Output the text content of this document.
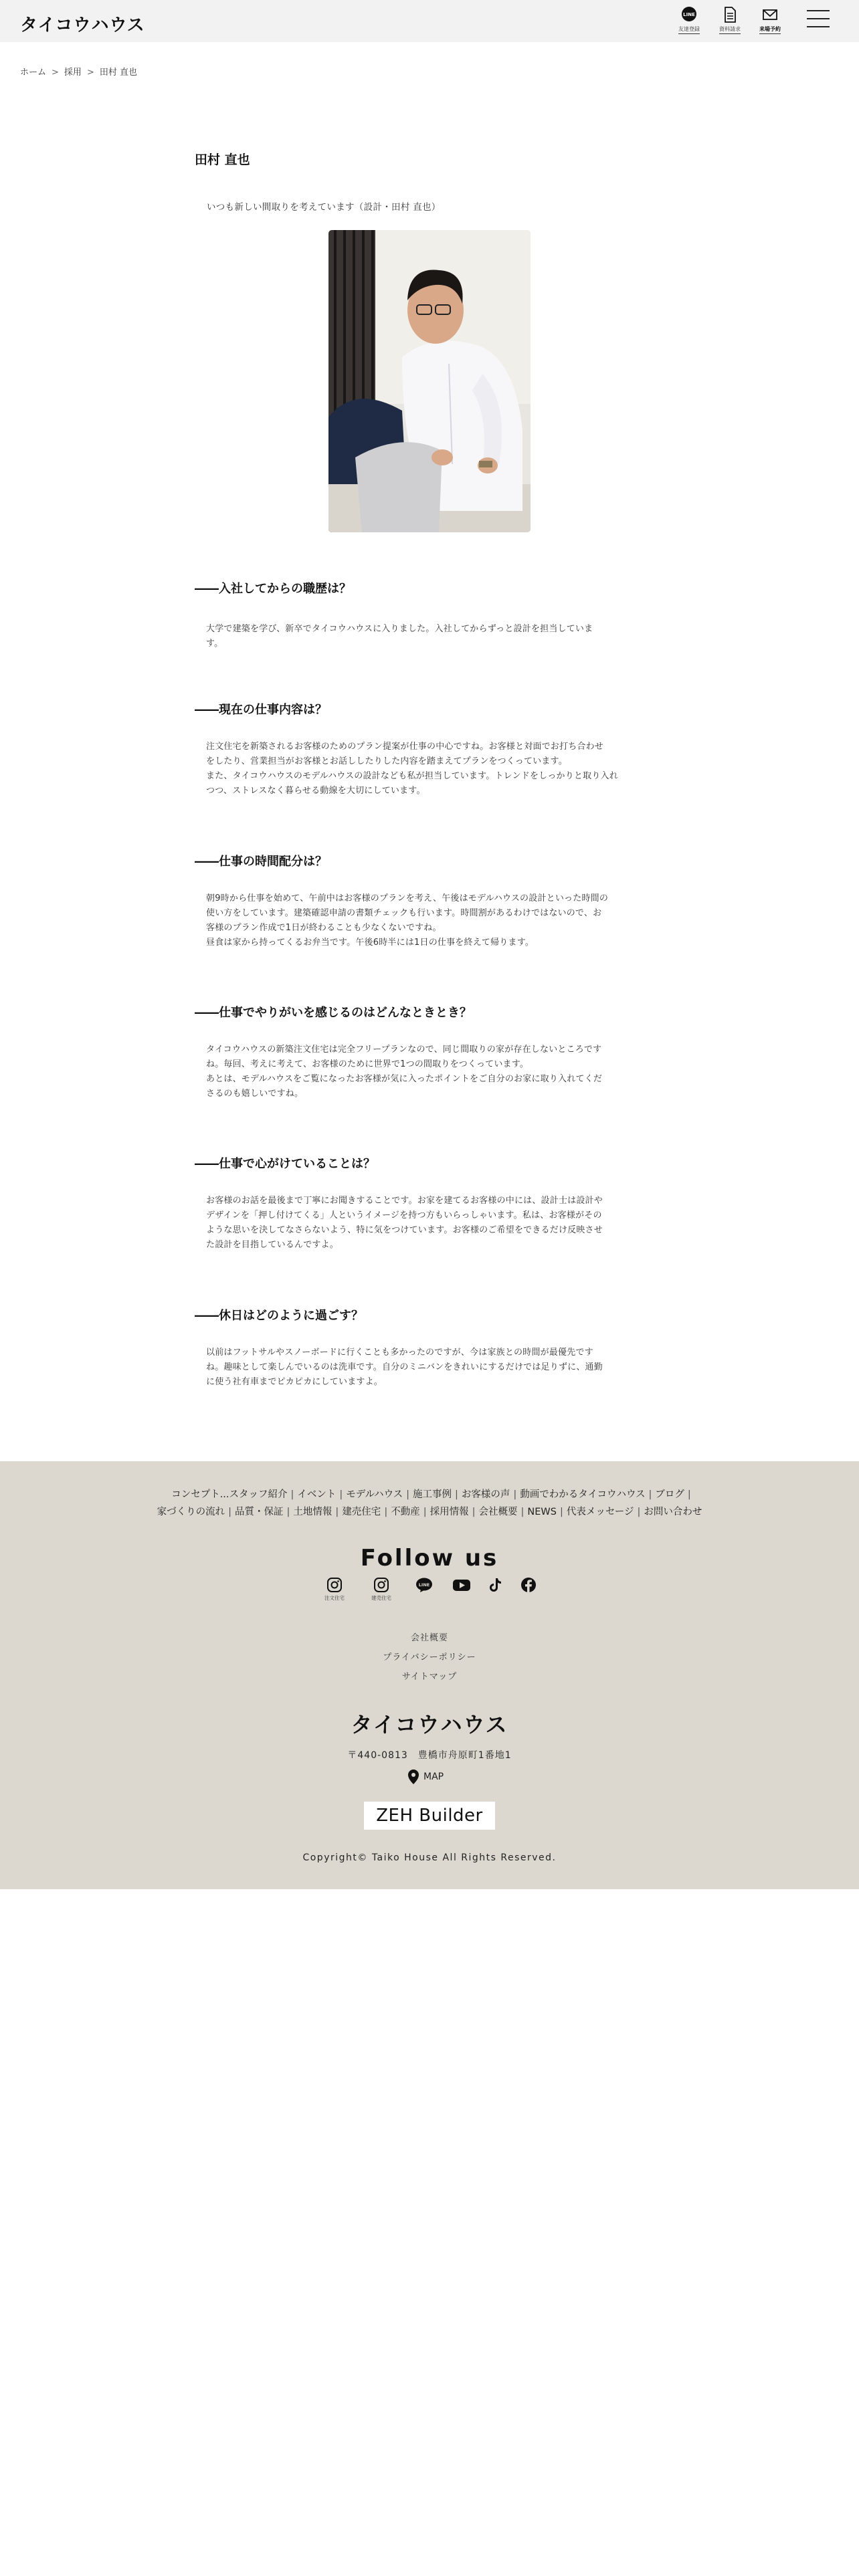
タイコウハウス
LINE
友達登録	資料請求	来場予約
ホーム > 採用 > 田村 直也
田村 直也
いつも新しい間取りを考えています（設計・田村 直也）
――入社してからの職歴は？

大学で建築を学び、新卒でタイコウハウスに入りました。入社してからずっと設計を担当していま

す。

――現在の仕事内容は？

注文住宅を新築されるお客様のためのプラン提案が仕事の中心ですね。お客様と対面でお打ち合わせ

をしたり、営業担当がお客様とお話ししたりした内容を踏まえてプランをつくっています。

また、タイコウハウスのモデルハウスの設計なども私が担当しています。トレンドをしっかりと取り入れ

つつ、ストレスなく暮らせる動線を大切にしています。

――仕事の時間配分は？

朝9時から仕事を始めて、午前中はお客様のプランを考え、午後はモデルハウスの設計といった時間の

使い方をしています。建築確認申請の書類チェックも行います。時間割があるわけではないので、お

客様のプラン作成で1日が終わることも少なくないですね。

昼食は家から持ってくるお弁当です。午後6時半には1日の仕事を終えて帰ります。

――仕事でやりがいを感じるのはどんなときとき？

タイコウハウスの新築注文住宅は完全フリープランなので、同じ間取りの家が存在しないところです

ね。毎回、考えに考えて、お客様のために世界で1つの間取りをつくっています。

あとは、モデルハウスをご覧になったお客様が気に入ったポイントをご自分のお家に取り入れてくだ

さるのも嬉しいですね。

――仕事で心がけていることは？

お客様のお話を最後まで丁寧にお聞きすることです。お家を建てるお客様の中には、設計士は設計や

デザインを「押し付けてくる」人というイメージを持つ方もいらっしゃいます。私は、お客様がその

ような思いを決してなさらないよう、特に気をつけています。お客様のご希望をできるだけ反映させ

た設計を目指しているんですよ。

――休日はどのように過ごす？

以前はフットサルやスノーボードに行くことも多かったのですが、今は家族との時間が最優先です

ね。趣味として楽しんでいるのは洗車です。自分のミニバンをきれいにするだけでは足りずに、通勤

に使う社有車までピカピカにしていますよ。

コンセプト...スタッフ紹介 | イベント | モデルハウス | 施工事例 | お客様の声 | 動画でわかるタイコウハウス | ブログ |
家づくりの流れ | 品質・保証 | 土地情報 | 建売住宅 | 不動産 | 採用情報 | 会社概要 | NEWS | 代表メッセージ | お問い合わせ
Follow us
注文住宅	建売住宅
LINE
会社概要
プライバシーポリシー
サイトマップ
タイコウハウス
〒440-0813　豊橋市舟原町1番地1
MAP
ZEH Builder
Copyright© Taiko House All Rights Reserved.
